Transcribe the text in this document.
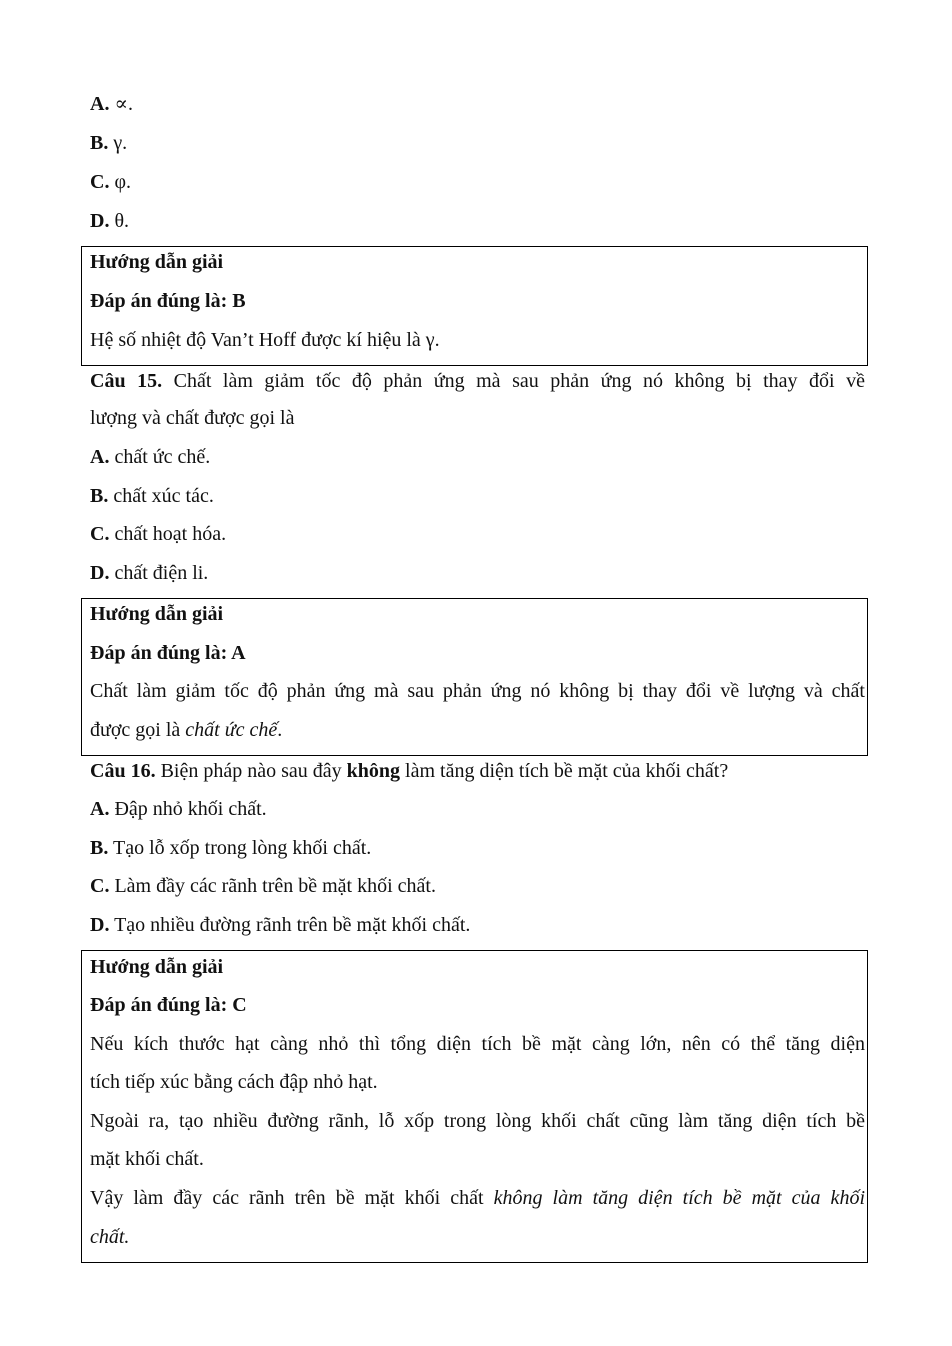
A. ∝.
B. γ.
C. φ.
D. θ.
Hướng dẫn giải
Đáp án đúng là: B
Hệ số nhiệt độ Van’t Hoff được kí hiệu là γ.
Câu 15. Chất làm giảm tốc độ phản ứng mà sau phản ứng nó không bị thay đổi về
lượng và chất được gọi là
A. chất ức chế.
B. chất xúc tác.
C. chất hoạt hóa.
D. chất điện li.
Hướng dẫn giải
Đáp án đúng là: A
Chất làm giảm tốc độ phản ứng mà sau phản ứng nó không bị thay đổi về lượng và chất
được gọi là chất ức chế.
Câu 16. Biện pháp nào sau đây không làm tăng diện tích bề mặt của khối chất?
A. Đập nhỏ khối chất.
B. Tạo lỗ xốp trong lòng khối chất.
C. Làm đầy các rãnh trên bề mặt khối chất.
D. Tạo nhiều đường rãnh trên bề mặt khối chất.
Hướng dẫn giải
Đáp án đúng là: C
Nếu kích thước hạt càng nhỏ thì tổng diện tích bề mặt càng lớn, nên có thể tăng diện
tích tiếp xúc bằng cách đập nhỏ hạt.
Ngoài ra, tạo nhiều đường rãnh, lỗ xốp trong lòng khối chất cũng làm tăng diện tích bề
mặt khối chất.
Vậy làm đầy các rãnh trên bề mặt khối chất không làm tăng diện tích bề mặt của khối
chất.
